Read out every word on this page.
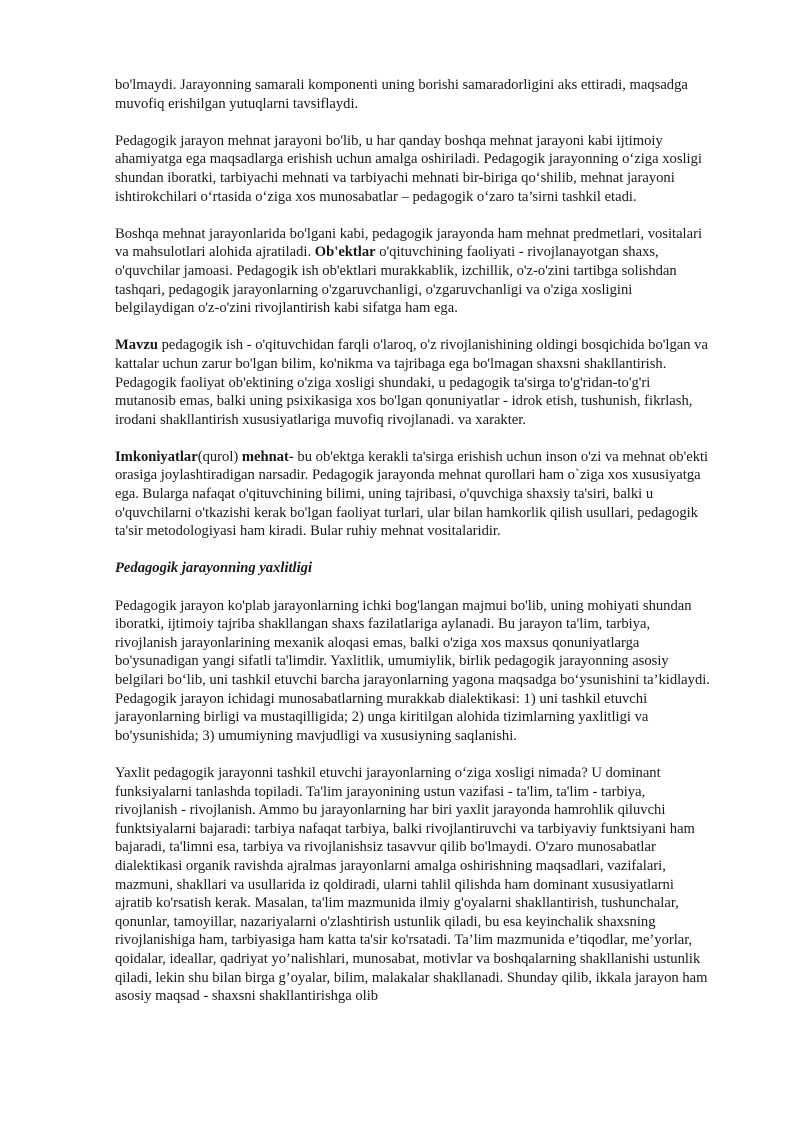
bo'lmaydi. Jarayonning samarali komponenti uning borishi samaradorligini aks ettiradi, maqsadga muvofiq erishilgan yutuqlarni tavsiflaydi.

Pedagogik jarayon mehnat jarayoni bo'lib, u har qanday boshqa mehnat jarayoni kabi ijtimoiy ahamiyatga ega maqsadlarga erishish uchun amalga oshiriladi. Pedagogik jarayonning o‘ziga xosligi shundan iboratki, tarbiyachi mehnati va tarbiyachi mehnati bir-biriga qo‘shilib, mehnat jarayoni ishtirokchilari o‘rtasida o‘ziga xos munosabatlar – pedagogik o‘zaro ta’sirni tashkil etadi.

Boshqa mehnat jarayonlarida bo'lgani kabi, pedagogik jarayonda ham mehnat predmetlari, vositalari va mahsulotlari alohida ajratiladi. Ob'ektlar o'qituvchining faoliyati - rivojlanayotgan shaxs, o'quvchilar jamoasi. Pedagogik ish ob'ektlari murakkablik, izchillik, o'z-o'zini tartibga solishdan tashqari, pedagogik jarayonlarning o'zgaruvchanligi, o'zgaruvchanligi va o'ziga xosligini belgilaydigan o'z-o'zini rivojlantirish kabi sifatga ham ega.

Mavzu pedagogik ish - o'qituvchidan farqli o'laroq, o'z rivojlanishining oldingi bosqichida bo'lgan va kattalar uchun zarur bo'lgan bilim, ko'nikma va tajribaga ega bo'lmagan shaxsni shakllantirish. Pedagogik faoliyat ob'ektining o'ziga xosligi shundaki, u pedagogik ta'sirga to'g'ridan-to'g'ri mutanosib emas, balki uning psixikasiga xos bo'lgan qonuniyatlar - idrok etish, tushunish, fikrlash, irodani shakllantirish xususiyatlariga muvofiq rivojlanadi. va xarakter.

Imkoniyatlar(qurol) mehnat- bu ob'ektga kerakli ta'sirga erishish uchun inson o'zi va mehnat ob'ekti orasiga joylashtiradigan narsadir. Pedagogik jarayonda mehnat qurollari ham o`ziga xos xususiyatga ega. Bularga nafaqat o'qituvchining bilimi, uning tajribasi, o'quvchiga shaxsiy ta'siri, balki u o'quvchilarni o'tkazishi kerak bo'lgan faoliyat turlari, ular bilan hamkorlik qilish usullari, pedagogik ta'sir metodologiyasi ham kiradi. Bular ruhiy mehnat vositalaridir.

Pedagogik jarayonning yaxlitligi

Pedagogik jarayon ko'plab jarayonlarning ichki bog'langan majmui bo'lib, uning mohiyati shundan iboratki, ijtimoiy tajriba shakllangan shaxs fazilatlariga aylanadi. Bu jarayon ta'lim, tarbiya, rivojlanish jarayonlarining mexanik aloqasi emas, balki o'ziga xos maxsus qonuniyatlarga bo'ysunadigan yangi sifatli ta'limdir. Yaxlitlik, umumiylik, birlik pedagogik jarayonning asosiy belgilari bo‘lib, uni tashkil etuvchi barcha jarayonlarning yagona maqsadga bo‘ysunishini ta’kidlaydi. Pedagogik jarayon ichidagi munosabatlarning murakkab dialektikasi: 1) uni tashkil etuvchi jarayonlarning birligi va mustaqilligida; 2) unga kiritilgan alohida tizimlarning yaxlitligi va bo'ysunishida; 3) umumiyning mavjudligi va xususiyning saqlanishi.

Yaxlit pedagogik jarayonni tashkil etuvchi jarayonlarning o‘ziga xosligi nimada? U dominant funksiyalarni tanlashda topiladi. Ta'lim jarayonining ustun vazifasi - ta'lim, ta'lim - tarbiya, rivojlanish - rivojlanish. Ammo bu jarayonlarning har biri yaxlit jarayonda hamrohlik qiluvchi funktsiyalarni bajaradi: tarbiya nafaqat tarbiya, balki rivojlantiruvchi va tarbiyaviy funktsiyani ham bajaradi, ta'limni esa, tarbiya va rivojlanishsiz tasavvur qilib bo'lmaydi. O'zaro munosabatlar dialektikasi organik ravishda ajralmas jarayonlarni amalga oshirishning maqsadlari, vazifalari, mazmuni, shakllari va usullarida iz qoldiradi, ularni tahlil qilishda ham dominant xususiyatlarni ajratib ko'rsatish kerak. Masalan, ta'lim mazmunida ilmiy g'oyalarni shakllantirish, tushunchalar, qonunlar, tamoyillar, nazariyalarni o'zlashtirish ustunlik qiladi, bu esa keyinchalik shaxsning rivojlanishiga ham, tarbiyasiga ham katta ta'sir ko'rsatadi. Ta’lim mazmunida e’tiqodlar, me’yorlar, qoidalar, ideallar, qadriyat yo’nalishlari, munosabat, motivlar va boshqalarning shakllanishi ustunlik qiladi, lekin shu bilan birga g’oyalar, bilim, malakalar shakllanadi. Shunday qilib, ikkala jarayon ham asosiy maqsad - shaxsni shakllantirishga olib
